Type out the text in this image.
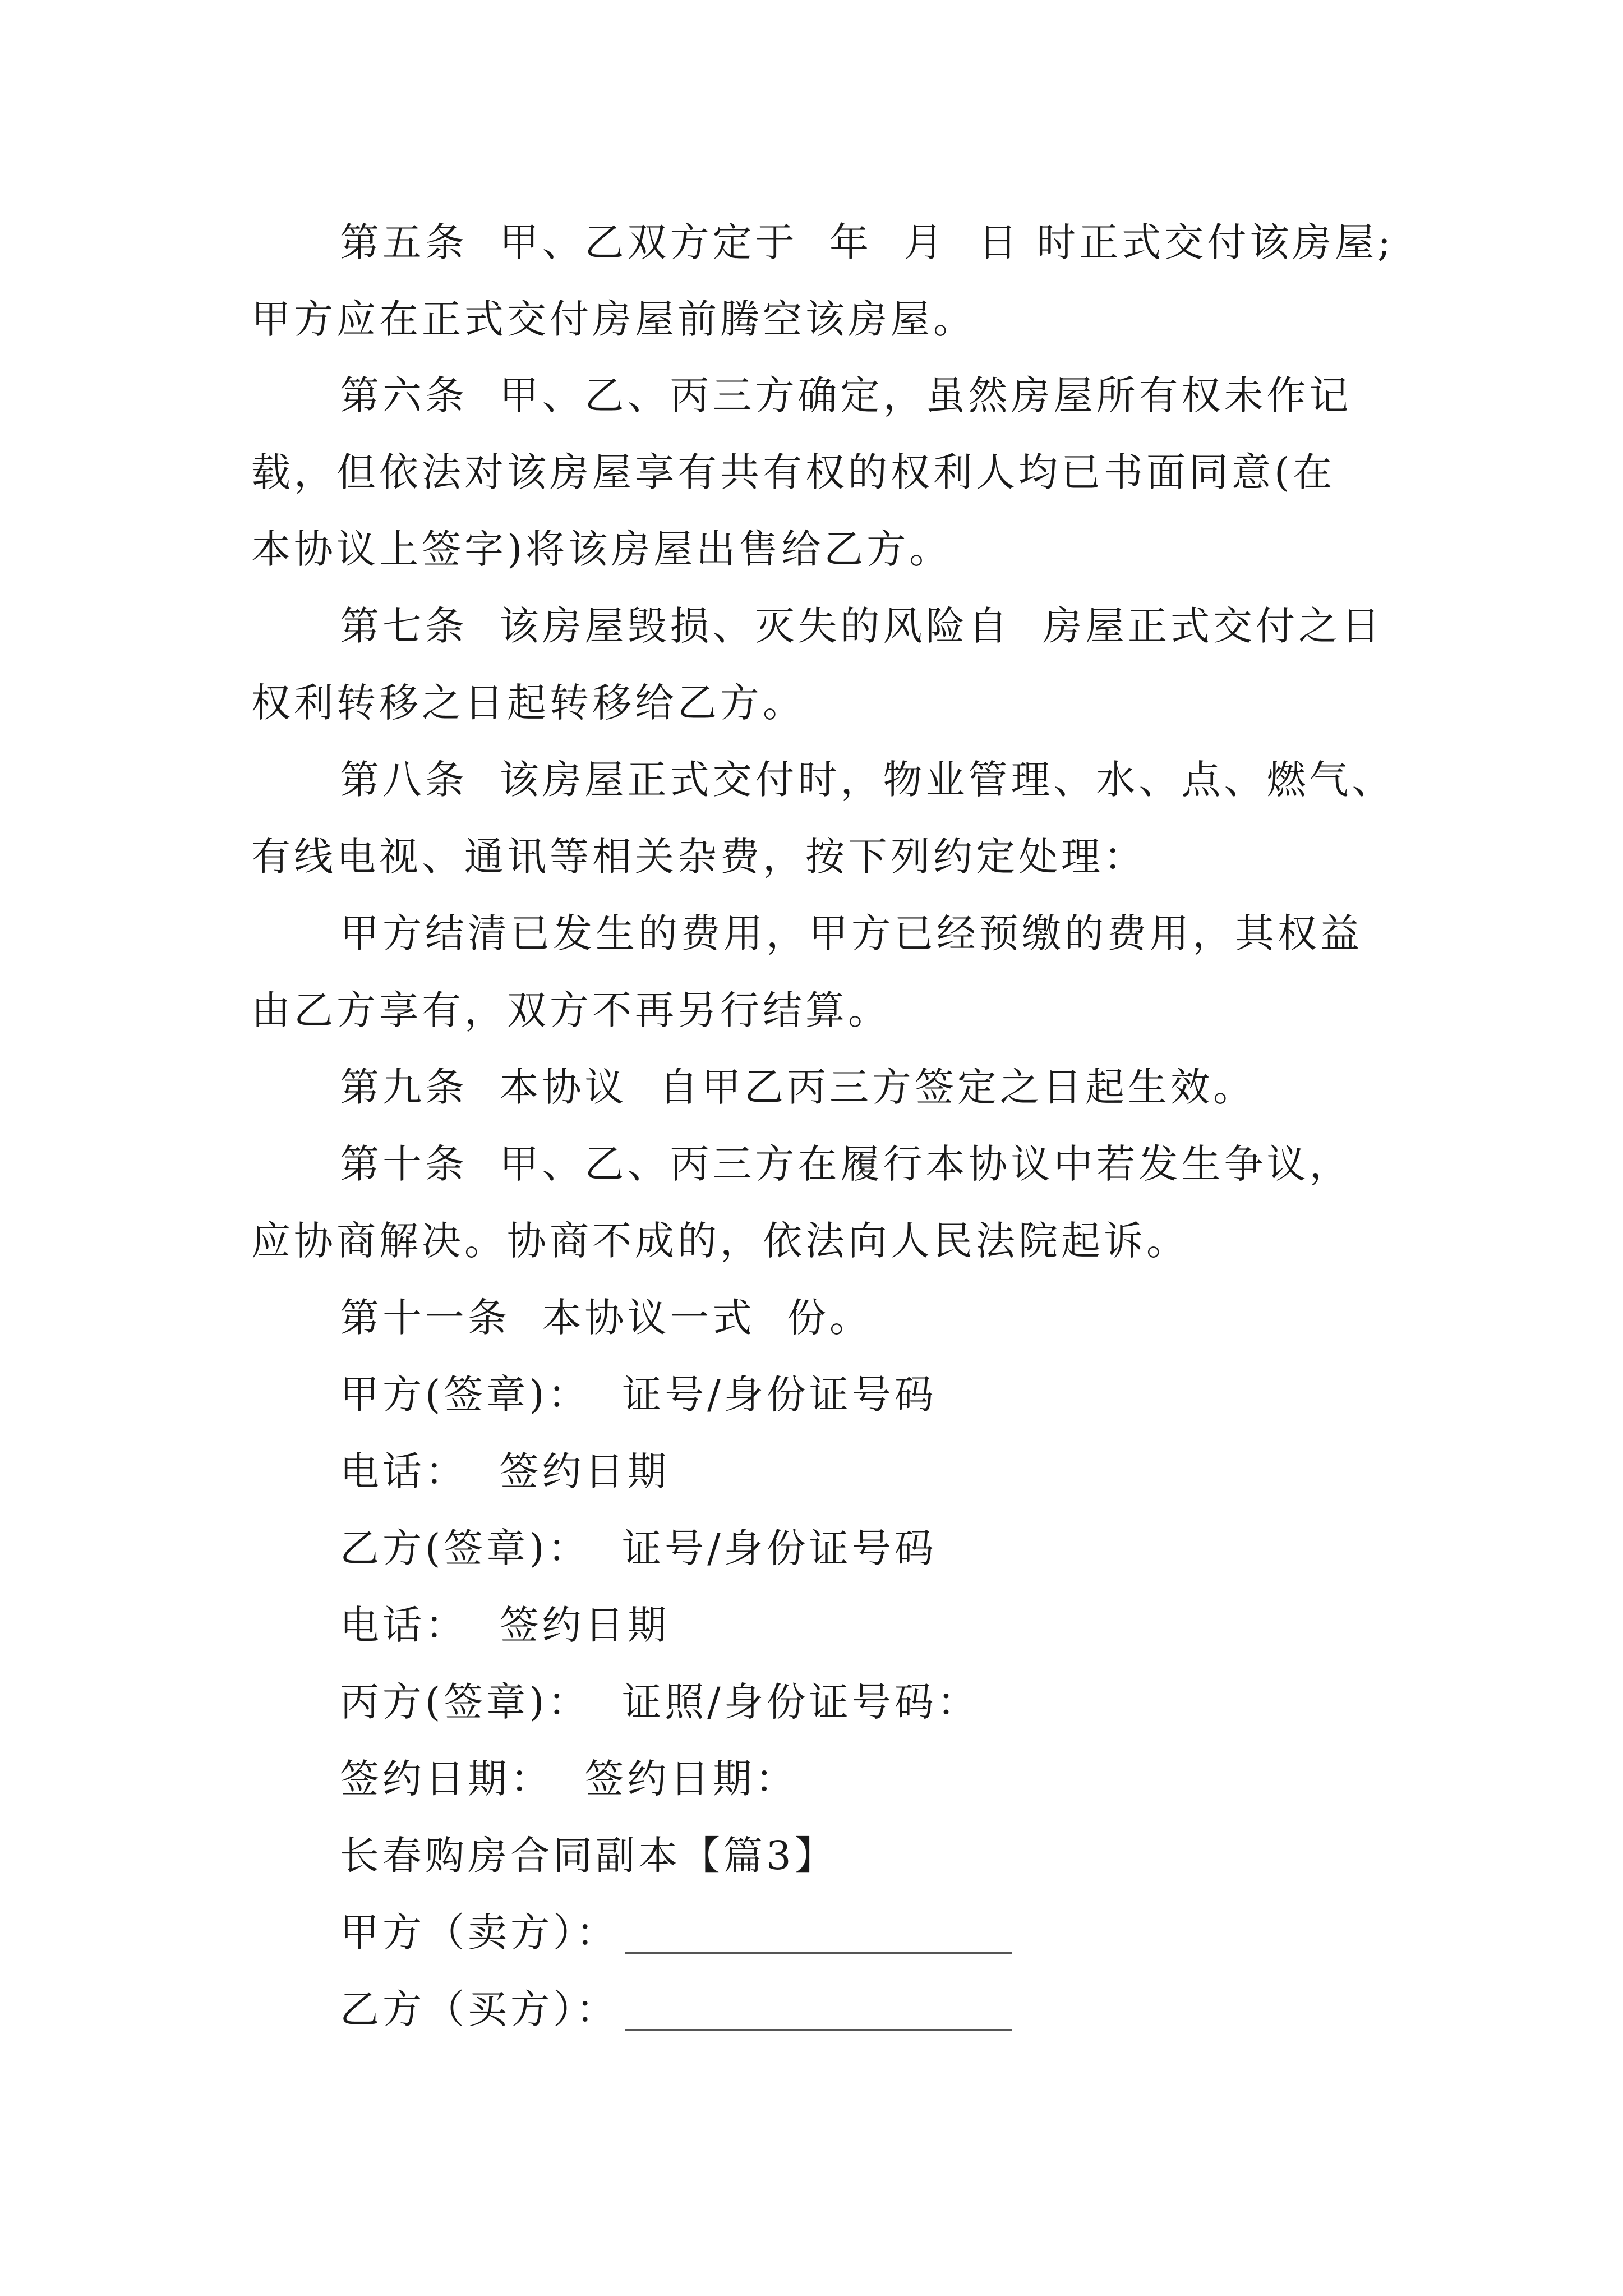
第五条  甲、乙双方定于  年  月  日 时正式交付该房屋;
甲方应在正式交付房屋前腾空该房屋。
第六条  甲、乙、丙三方确定，虽然房屋所有权未作记
载，但依法对该房屋享有共有权的权利人均已书面同意(在
本协议上签字)将该房屋出售给乙方。
第七条  该房屋毁损、灭失的风险自  房屋正式交付之日
权利转移之日起转移给乙方。
第八条  该房屋正式交付时，物业管理、水、点、燃气、
有线电视、通讯等相关杂费，按下列约定处理：
甲方结清已发生的费用，甲方已经预缴的费用，其权益
由乙方享有，双方不再另行结算。
第九条  本协议  自甲乙丙三方签定之日起生效。
第十条  甲、乙、丙三方在履行本协议中若发生争议，
应协商解决。协商不成的，依法向人民法院起诉。
第十一条  本协议一式  份。
甲方(签章)：  证号/身份证号码
电话：  签约日期
乙方(签章)：  证号/身份证号码
电话：  签约日期
丙方(签章)：  证照/身份证号码：
签约日期：  签约日期：
长春购房合同副本【篇3】
甲方（卖方）：
乙方（买方）：
